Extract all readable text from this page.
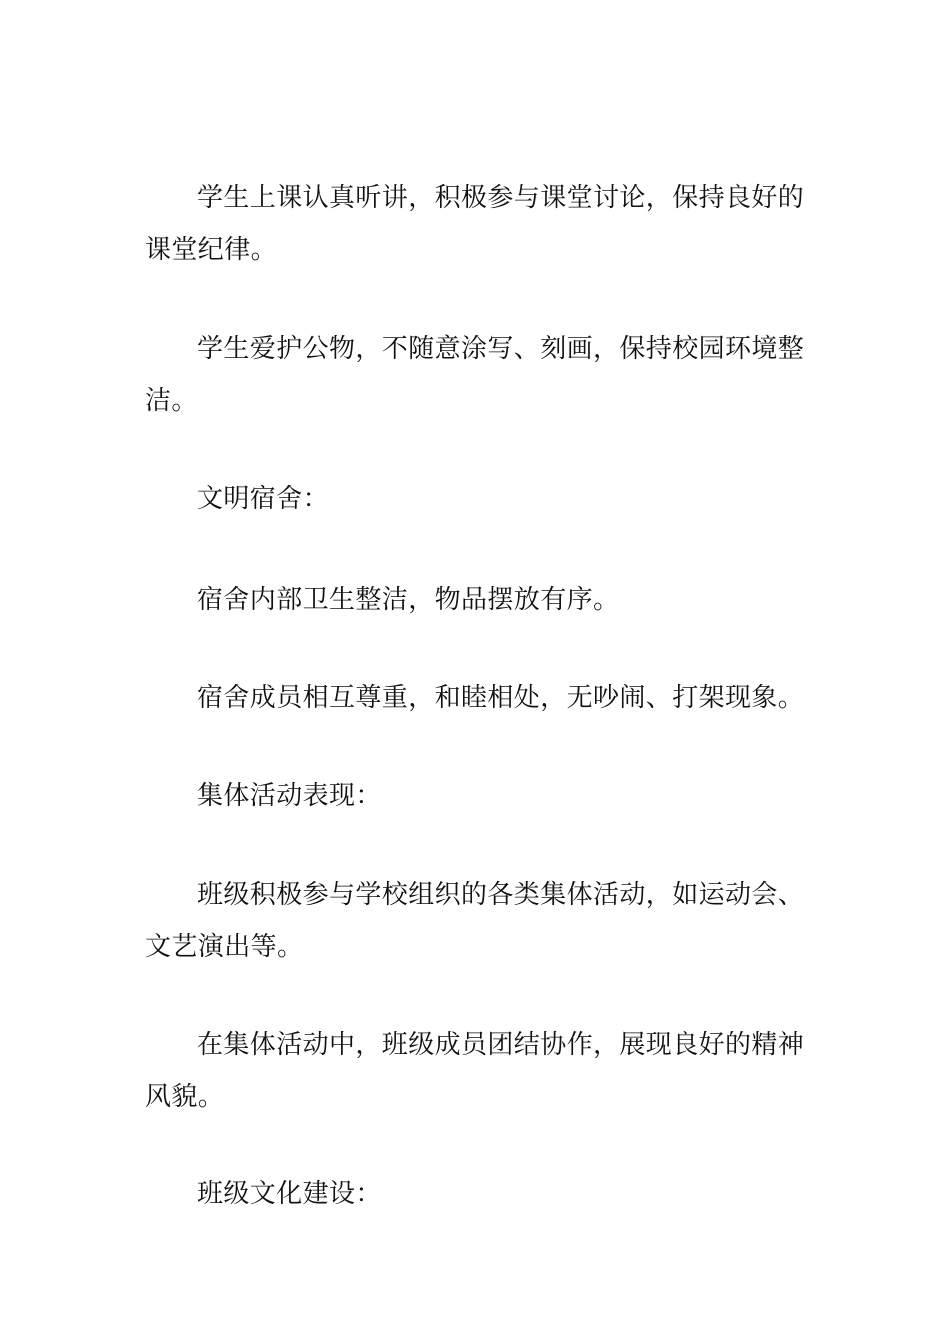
学生上课认真听讲，积极参与课堂讨论，保持良好的课堂纪律。

学生爱护公物，不随意涂写、刻画，保持校园环境整洁。

文明宿舍：

宿舍内部卫生整洁，物品摆放有序。

宿舍成员相互尊重，和睦相处，无吵闹、打架现象。

集体活动表现：

班级积极参与学校组织的各类集体活动，如运动会、文艺演出等。

在集体活动中，班级成员团结协作，展现良好的精神风貌。

班级文化建设：
